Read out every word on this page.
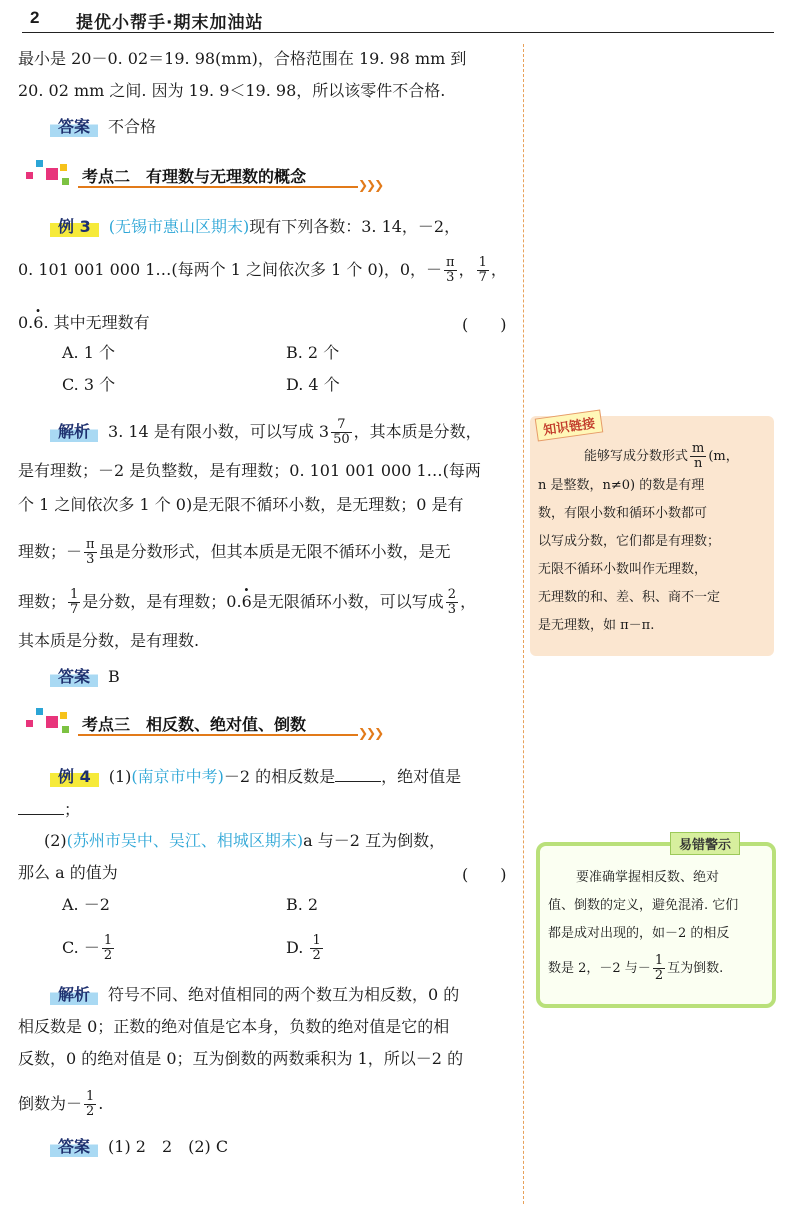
2 提优小帮手·期末加油站
最小是 20－0. 02＝19. 98(mm)，合格范围在 19. 98 mm 到
20. 02 mm 之间. 因为 19. 9＜19. 98，所以该零件不合格.
答案 不合格
考点二　有理数与无理数的概念	❯❯❯
例 3 (无锡市惠山区期末)现有下列各数：3. 14，－2，
0. 101 001 000 1…(每两个 1 之间依次多 1 个 0)，0，－ $\frac{\pi}{3}$ ， $\frac{1}{7}$ ，
0.· 6. 其中无理数有	(　　)
A. 1 个	B. 2 个
C. 3 个	D. 4 个
解析 3. 14 是有限小数，可以写成 $3 \frac{7}{50}$ ，其本质是分数，
是有理数；－2 是负整数，是有理数；0. 101 001 000 1…(每两
个 1 之间依次多 1 个 0)是无限不循环小数，是无理数；0 是有
理数；－ $\frac{\pi}{3}$ 虽是分数形式，但其本质是无限不循环小数，是无
理数； $\frac{1}{7}$ 是分数，是有理数；0.· 6是无限循环小数，可以写成 $\frac{2}{3}$ ，
其本质是分数，是有理数.
答案 B
考点三　相反数、绝对值、倒数	❯❯❯
例 4 (1)(南京市中考)－2 的相反数是	，绝对值是
；
(2)(苏州市吴中、吴江、相城区期末)a 与－2 互为倒数，
那么 a 的值为	(　　)
A. －2	B. 2
C. － $\frac{1}{2}$	D. $\frac{1}{2}$
解析 符号不同、绝对值相同的两个数互为相反数，0 的
相反数是 0；正数的绝对值是它本身，负数的绝对值是它的相
反数，0 的绝对值是 0；互为倒数的两数乘积为 1，所以－2 的
倒数为－ $\frac{1}{2}$ .
答案 (1) 2　2　(2) C
能够写成分数形式 $\frac{m}{n} (m$，
n 是整数，n≠0) 的数是有理
数，有限小数和循环小数都可
以写成分数，它们都是有理数；
无限不循环小数叫作无理数，
无理数的和、差、积、商不一定
是无理数，如 π－π.
知识链接
要准确掌握相反数、绝对
值、倒数的定义，避免混淆. 它们
都是成对出现的，如－2 的相反
数是 2，－2 与－ $\frac{1}{2}$ 互为倒数.
易错警示
